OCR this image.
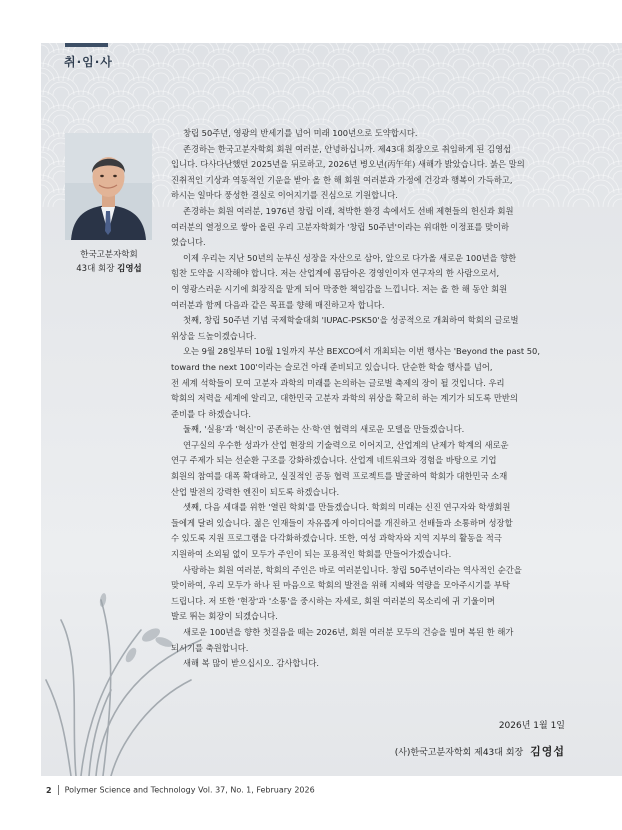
취·임·사
한국고분자학회
43대 회장 김영섭

창립 50주년, 영광의 반세기를 넘어 미래 100년으로 도약합시다.

존경하는 한국고분자학회 회원 여러분, 안녕하십니까. 제43대 회장으로 취임하게 된 김영섭
입니다. 다사다난했던 2025년을 뒤로하고, 2026년 병오년(丙午年) 새해가 밝았습니다. 붉은 말의
진취적인 기상과 역동적인 기운을 받아 올 한 해 회원 여러분과 가정에 건강과 행복이 가득하고,
하시는 일마다 풍성한 결실로 이어지기를 진심으로 기원합니다.

존경하는 회원 여러분, 1976년 창립 이래, 척박한 환경 속에서도 선배 제현들의 헌신과 회원
여러분의 열정으로 쌓아 올린 우리 고분자학회가 '창립 50주년'이라는 위대한 이정표를 맞이하
였습니다.

이제 우리는 지난 50년의 눈부신 성장을 자산으로 삼아, 앞으로 다가올 새로운 100년을 향한
힘찬 도약을 시작해야 합니다. 저는 산업계에 몸담아온 경영인이자 연구자의 한 사람으로서,
이 영광스러운 시기에 회장직을 맡게 되어 막중한 책임감을 느낍니다. 저는 올 한 해 동안 회원
여러분과 함께 다음과 같은 목표를 향해 매진하고자 합니다.

첫째, 창립 50주년 기념 국제학술대회 'IUPAC-PSK50'을 성공적으로 개최하여 학회의 글로벌
위상을 드높이겠습니다.

오는 9월 28일부터 10월 1일까지 부산 BEXCO에서 개최되는 이번 행사는 'Beyond the past 50,
toward the next 100'이라는 슬로건 아래 준비되고 있습니다. 단순한 학술 행사를 넘어,
전 세계 석학들이 모여 고분자 과학의 미래를 논의하는 글로벌 축제의 장이 될 것입니다. 우리
학회의 저력을 세계에 알리고, 대한민국 고분자 과학의 위상을 확고히 하는 계기가 되도록 만반의
준비를 다 하겠습니다.

둘째, '실용'과 '혁신'이 공존하는 산·학·연 협력의 새로운 모델을 만들겠습니다.

연구실의 우수한 성과가 산업 현장의 기술력으로 이어지고, 산업계의 난제가 학계의 새로운
연구 주제가 되는 선순환 구조를 강화하겠습니다. 산업계 네트워크와 경험을 바탕으로 기업
회원의 참여를 대폭 확대하고, 실질적인 공동 협력 프로젝트를 발굴하여 학회가 대한민국 소재
산업 발전의 강력한 엔진이 되도록 하겠습니다.

셋째, 다음 세대를 위한 '열린 학회'를 만들겠습니다. 학회의 미래는 신진 연구자와 학생회원
들에게 달려 있습니다. 젊은 인재들이 자유롭게 아이디어를 개진하고 선배들과 소통하며 성장할
수 있도록 지원 프로그램을 다각화하겠습니다. 또한, 여성 과학자와 지역 지부의 활동을 적극
지원하여 소외됨 없이 모두가 주인이 되는 포용적인 학회를 만들어가겠습니다.

사랑하는 회원 여러분, 학회의 주인은 바로 여러분입니다. 창립 50주년이라는 역사적인 순간을
맞이하여, 우리 모두가 하나 된 마음으로 학회의 발전을 위해 지혜와 역량을 모아주시기를 부탁
드립니다. 저 또한 '현장'과 '소통'을 중시하는 자세로, 회원 여러분의 목소리에 귀 기울이며
발로 뛰는 회장이 되겠습니다.

새로운 100년을 향한 첫걸음을 떼는 2026년, 회원 여러분 모두의 건승을 빌며 복된 한 해가
되시기를 축원합니다.

새해 복 많이 받으십시오. 감사합니다.

2026년 1월 1일
(사)한국고분자학회 제43대 회장 김영섭
2 Polymer Science and Technology Vol. 37, No. 1, February 2026
